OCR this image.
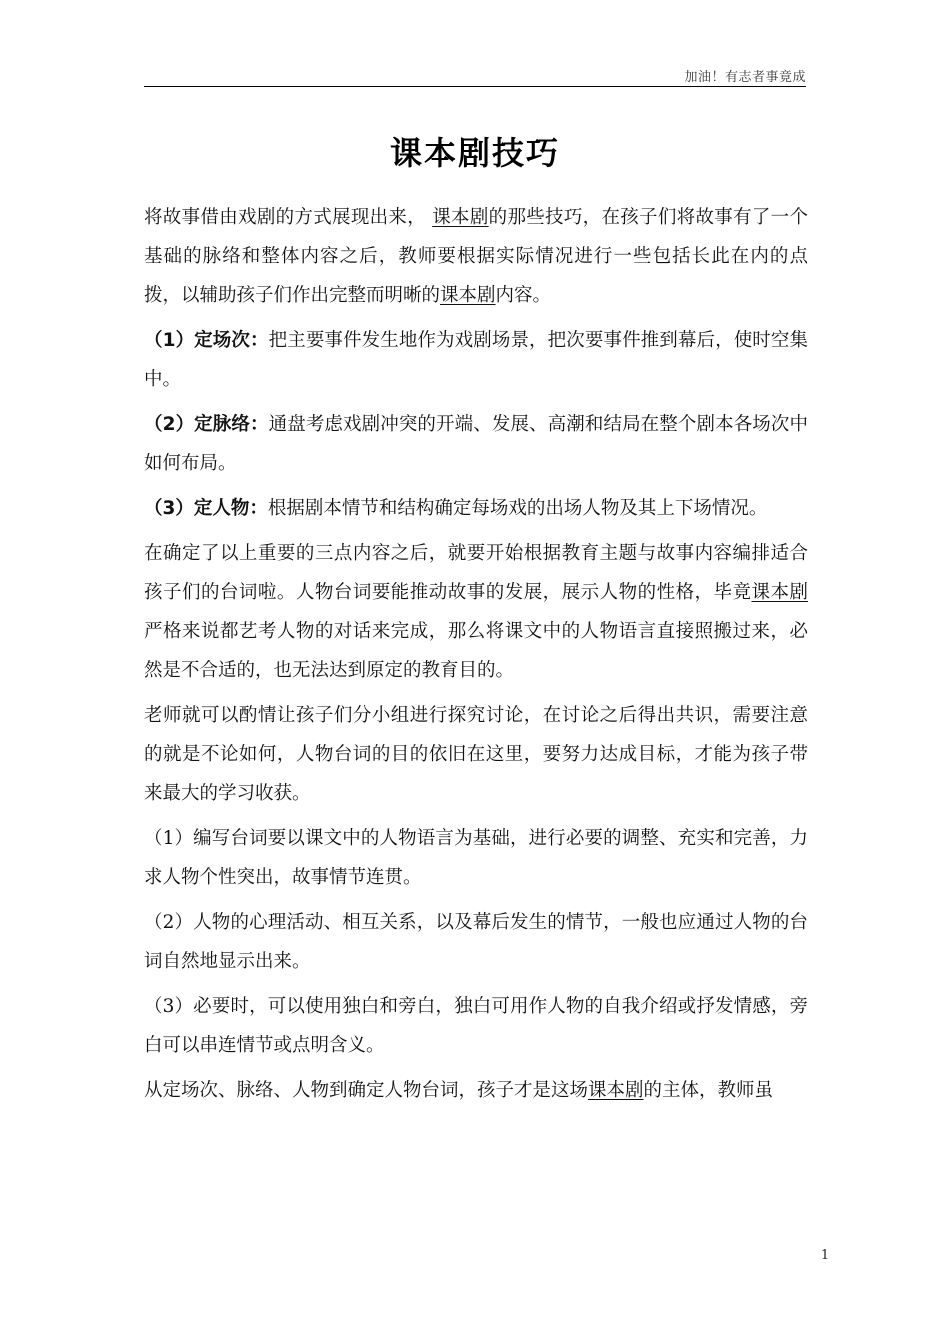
加油！有志者事竟成
课本剧技巧

将故事借由戏剧的方式展现出来， 课本剧的那些技巧，在孩子们将故事有了一个基础的脉络和整体内容之后，教师要根据实际情况进行一些包括长此在内的点拨，以辅助孩子们作出完整而明晰的课本剧内容。

（1）定场次：把主要事件发生地作为戏剧场景，把次要事件推到幕后，使时空集中。

（2）定脉络：通盘考虑戏剧冲突的开端、发展、高潮和结局在整个剧本各场次中如何布局。

（3）定人物：根据剧本情节和结构确定每场戏的出场人物及其上下场情况。

在确定了以上重要的三点内容之后，就要开始根据教育主题与故事内容编排适合孩子们的台词啦。人物台词要能推动故事的发展，展示人物的性格，毕竟课本剧严格来说都艺考人物的对话来完成，那么将课文中的人物语言直接照搬过来，必然是不合适的，也无法达到原定的教育目的。

老师就可以酌情让孩子们分小组进行探究讨论，在讨论之后得出共识，需要注意的就是不论如何，人物台词的目的依旧在这里，要努力达成目标，才能为孩子带来最大的学习收获。

（1）编写台词要以课文中的人物语言为基础，进行必要的调整、充实和完善，力求人物个性突出，故事情节连贯。

（2）人物的心理活动、相互关系，以及幕后发生的情节，一般也应通过人物的台词自然地显示出来。

（3）必要时，可以使用独白和旁白，独白可用作人物的自我介绍或抒发情感，旁白可以串连情节或点明含义。

从定场次、脉络、人物到确定人物台词，孩子才是这场课本剧的主体，教师虽

1
